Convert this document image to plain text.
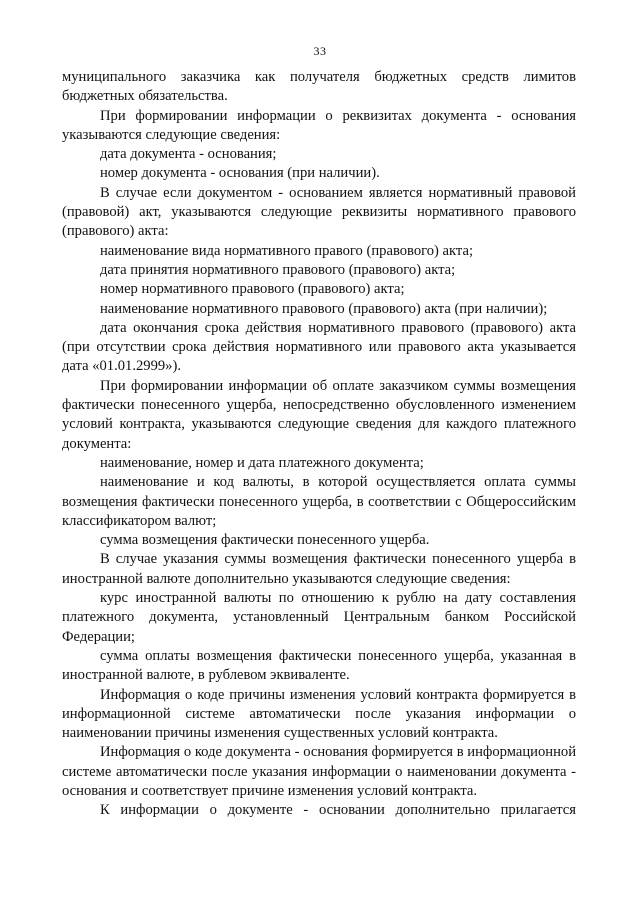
33

муниципального заказчика как получателя бюджетных средств лимитов бюджетных обязательства.

При формировании информации о реквизитах документа - основания указываются следующие сведения:

дата документа - основания;

номер документа - основания (при наличии).

В случае если документом - основанием является нормативный правовой (правовой) акт, указываются следующие реквизиты нормативного правового (правового) акта:

наименование вида нормативного правого (правового) акта;

дата принятия нормативного правового (правового) акта;

номер нормативного правового (правового) акта;

наименование нормативного правового (правового) акта (при наличии);

дата окончания срока действия нормативного правового (правового) акта (при отсутствии срока действия нормативного или правового акта указывается дата «01.01.2999»).

При формировании информации об оплате заказчиком суммы возмещения фактически понесенного ущерба, непосредственно обусловленного изменением условий контракта, указываются следующие сведения для каждого платежного документа:

наименование, номер и дата платежного документа;

наименование и код валюты, в которой осуществляется оплата суммы возмещения фактически понесенного ущерба, в соответствии с Общероссийским классификатором валют;

сумма возмещения фактически понесенного ущерба.

В случае указания суммы возмещения фактически понесенного ущерба в иностранной валюте дополнительно указываются следующие сведения:

курс иностранной валюты по отношению к рублю на дату составления платежного документа, установленный Центральным банком Российской Федерации;

сумма оплаты возмещения фактически понесенного ущерба, указанная в иностранной валюте, в рублевом эквиваленте.

Информация о коде причины изменения условий контракта формируется в информационной системе автоматически после указания информации о наименовании причины изменения существенных условий контракта.

Информация о коде документа - основания формируется в информационной системе автоматически после указания информации о наименовании документа - основания и соответствует причине изменения условий контракта.

К информации о документе - основании дополнительно прилагается
